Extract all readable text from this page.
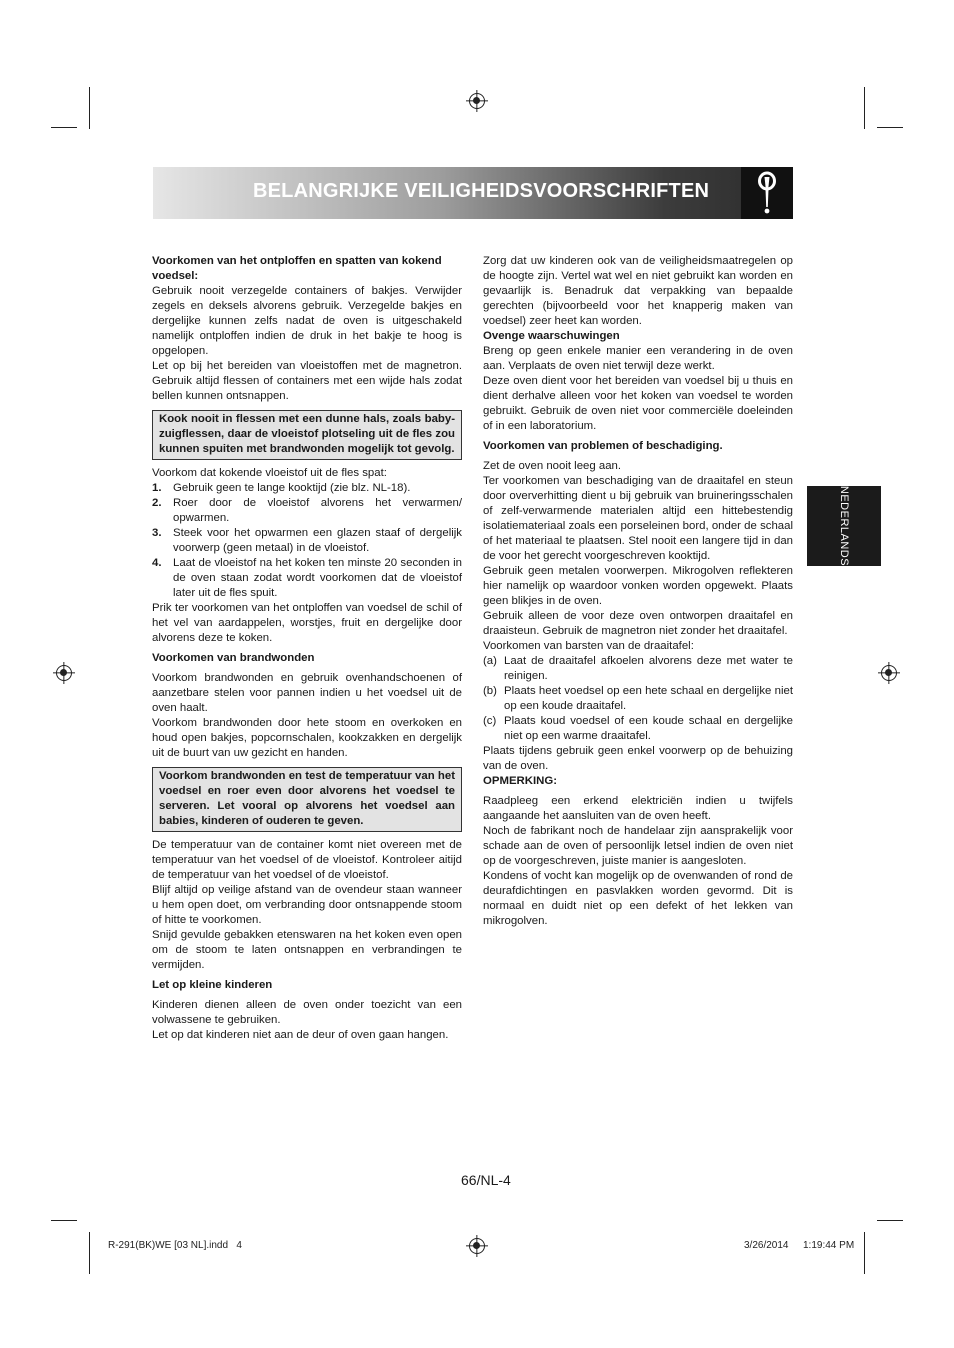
BELANGRIJKE VEILIGHEIDSVOORSCHRIFTEN
NEDERLANDS
Voorkomen van het ontploffen en spatten van kokend voedsel:

Gebruik nooit verzegelde containers of bakjes. Verwijder zegels en deksels alvorens gebruik. Verzegelde bakjes en dergelijke kunnen zelfs nadat de oven is uitgeschakeld namelijk ontploffen indien de druk in het bakje te hoog is opgelopen.

Let op bij het bereiden van vloeistoffen met de magnetron. Gebruik altijd flessen of containers met een wijde hals zodat bellen kunnen ontsnappen.

Kook nooit in flessen met een dunne hals, zoals baby-zuigflessen, daar de vloeistof plotseling uit de fles zou kunnen spuiten met brandwonden mogelijk tot gevolg.

Voorkom dat kokende vloeistof uit de fles spat:

1.	Gebruik geen te lange kooktijd (zie blz. NL-18).
2.	Roer door de vloeistof alvorens het verwarmen/ opwarmen.
3.	Steek voor het opwarmen een glazen staaf of dergelijk voorwerp (geen metaal) in de vloeistof.
4.	Laat de vloeistof na het koken ten minste 20 seconden in de oven staan zodat wordt voorkomen dat de vloeistof later uit de fles spuit.

Prik ter voorkomen van het ontploffen van voedsel de schil of het vel van aardappelen, worstjes, fruit en dergelijke door alvorens deze te koken.

Voorkomen van brandwonden

Voorkom brandwonden en gebruik ovenhandschoenen of aanzetbare stelen voor pannen indien u het voedsel uit de oven haalt.

Voorkom brandwonden door hete stoom en overkoken en houd open bakjes, popcornschalen, kookzakken en dergelijk uit de buurt van uw gezicht en handen.

Voorkom brandwonden en test de temperatuur van het voedsel en roer even door alvorens het voedsel te serveren. Let vooral op alvorens het voedsel aan babies, kinderen of ouderen te geven.

De temperatuur van de container komt niet overeen met de temperatuur van het voedsel of de vloeistof. Kontroleer aitijd de temperatuur van het voedsel of de vloeistof.

Blijf altijd op veilige afstand van de ovendeur staan wanneer u hem open doet, om verbranding door ontsnappende stoom of hitte te voorkomen.

Snijd gevulde gebakken etenswaren na het koken even open om de stoom te laten ontsnappen en verbrandingen te vermijden.

Let op kleine kinderen

Kinderen dienen alleen de oven onder toezicht van een volwassene te gebruiken.

Let op dat kinderen niet aan de deur of oven gaan hangen.

Zorg dat uw kinderen ook van de veiligheidsmaatregelen op de hoogte zijn. Vertel wat wel en niet gebruikt kan worden en gevaarlijk is. Benadruk dat verpakking van bepaalde gerechten (bijvoorbeeld voor het knapperig maken van voedsel) zeer heet kan worden.

Ovenge waarschuwingen

Breng op geen enkele manier een verandering in de oven aan. Verplaats de oven niet terwijl deze werkt.

Deze oven dient voor het bereiden van voedsel bij u thuis en dient derhalve alleen voor het koken van voedsel te worden gebruikt. Gebruik de oven niet voor commerciële doeleinden of in een laboratorium.

Voorkomen van problemen of beschadiging.

Zet de oven nooit leeg aan.

Ter voorkomen van beschadiging van de draaitafel en steun door oververhitting dient u bij gebruik van bruineringsschalen of zelf-verwarmende materialen altijd een hittebestendig isolatiemateriaal zoals een porseleinen bord, onder de schaal of het materiaal te plaatsen. Stel nooit een langere tijd in dan de voor het gerecht voorgeschreven kooktijd.

Gebruik geen metalen voorwerpen. Mikrogolven reflekteren hier namelijk op waardoor vonken worden opgewekt. Plaats geen blikjes in de oven.

Gebruik alleen de voor deze oven ontworpen draaitafel en draaisteun. Gebruik de magnetron niet zonder het draaitafel.

Voorkomen van barsten van de draaitafel:

(a) Laat de draaitafel afkoelen alvorens deze met water te reinigen.
(b) Plaats heet voedsel op een hete schaal en dergelijke niet op een koude draaitafel.
(c) Plaats koud voedsel of een koude schaal en dergelijke niet op een warme draaitafel.

Plaats tijdens gebruik geen enkel voorwerp op de behuizing van de oven.

OPMERKING:

Raadpleeg een erkend elektriciën indien u twijfels aangaande het aansluiten van de oven heeft.

Noch de fabrikant noch de handelaar zijn aansprakelijk voor schade aan de oven of persoonlijk letsel indien de oven niet op de voorgeschreven, juiste manier is aangesloten.

Kondens of vocht kan mogelijk op de ovenwanden of rond de deurafdichtingen en pasvlakken worden gevormd. Dit is normaal en duidt niet op een defekt of het lekken van mikrogolven.

66/NL-4
R-291(BK)WE [03 NL].indd   4	3/26/2014 1:19:44 PM
